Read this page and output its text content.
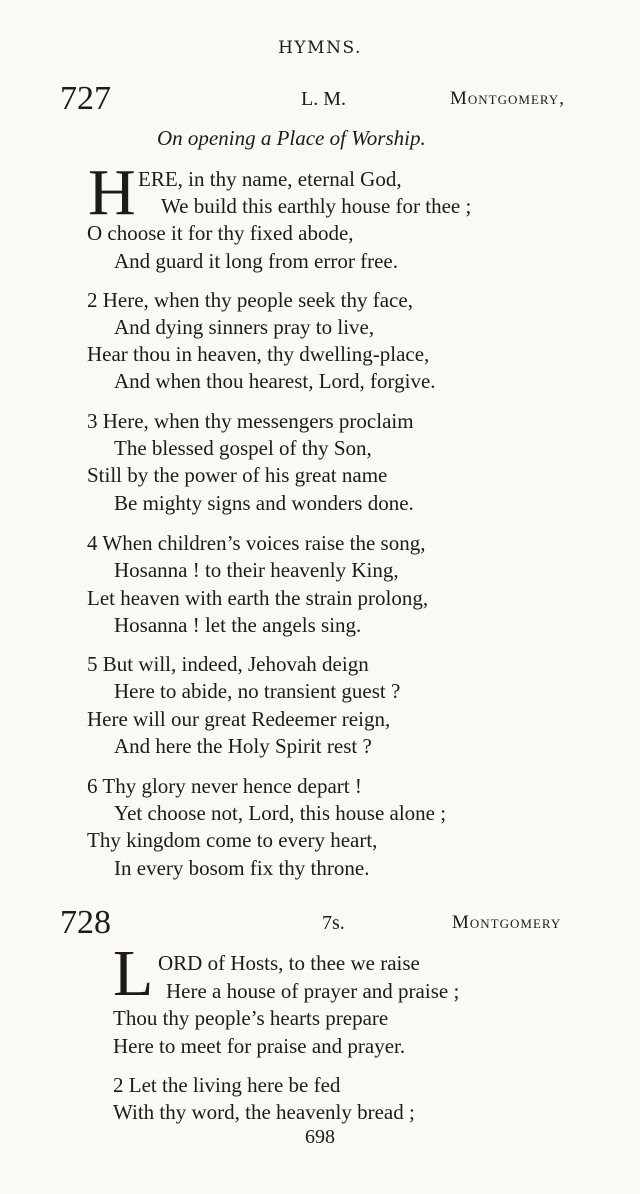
HYMNS.
727	L. M.	Montgomery,
On opening a Place of Worship.
H ERE, in thy name, eternal God,
We build this earthly house for thee ;
O choose it for thy fixed abode,
And guard it long from error free.
2 Here, when thy people seek thy face,
And dying sinners pray to live,
Hear thou in heaven, thy dwelling-place,
And when thou hearest, Lord, forgive.
3 Here, when thy messengers proclaim
The blessed gospel of thy Son,
Still by the power of his great name
Be mighty signs and wonders done.
4 When children’s voices raise the song,
Hosanna ! to their heavenly King,
Let heaven with earth the strain prolong,
Hosanna ! let the angels sing.
5 But will, indeed, Jehovah deign
Here to abide, no transient guest ?
Here will our great Redeemer reign,
And here the Holy Spirit rest ?
6 Thy glory never hence depart !
Yet choose not, Lord, this house alone ;
Thy kingdom come to every heart,
In every bosom fix thy throne.
728	7s.	Montgomery
L ORD of Hosts, to thee we raise
Here a house of prayer and praise ;
Thou thy people’s hearts prepare
Here to meet for praise and prayer.
2 Let the living here be fed
With thy word, the heavenly bread ;
698
